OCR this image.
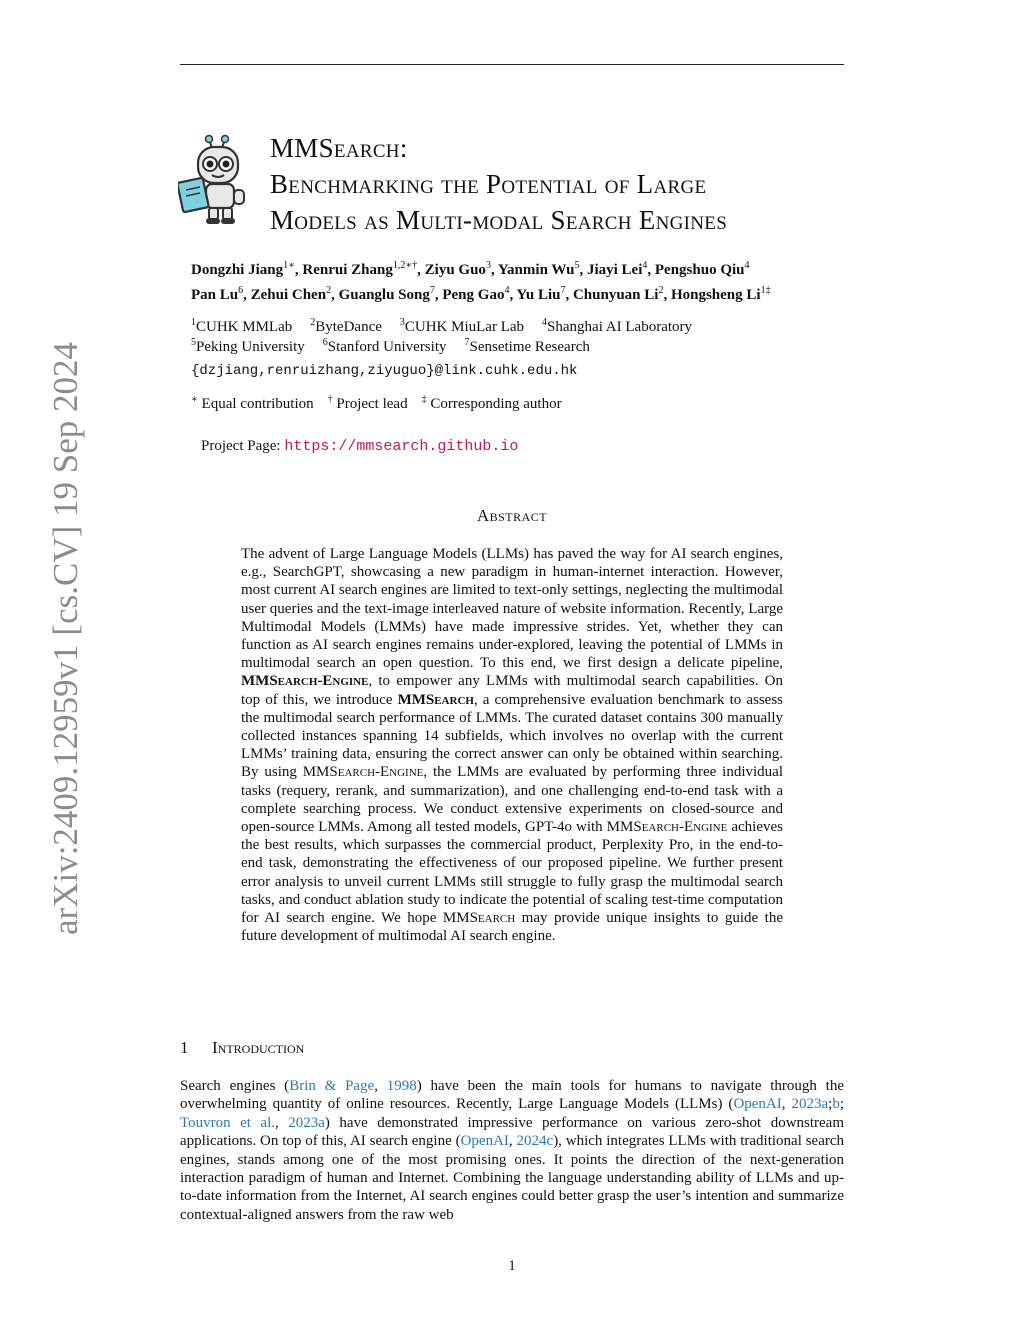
arXiv:2409.12959v1 [cs.CV] 19 Sep 2024
MMSearch:
Benchmarking the Potential of Large
Models as Multi-modal Search Engines
Dongzhi Jiang$^{1∗}$, Renrui Zhang$^{1,2∗\dagger}$, Ziyu Guo$^3$, Yanmin Wu$^5$, Jiayi Lei$^4$, Pengshuo Qiu$^4$
Pan Lu$^6$, Zehui Chen$^2$, Guanglu Song$^7$, Peng Gao$^4$, Yu Liu$^7$, Chunyuan Li$^2$, Hongsheng $Li^{1\ddagger}$
$^1$CUHK MMLab $^2$ByteDance $^3$CUHK MiuLar Lab $^4$Shanghai AI Laboratory
$^5$Peking University $^6$Stanford University $^7$Sensetime Research
{dzjiang,renruizhang,ziyuguo}@link.cuhk.edu.hk
∗ Equal contribution † Project lead ‡ Corresponding author
Project Page: https://mmsearch.github.io
Abstract
The advent of Large Language Models (LLMs) has paved the way for AI search engines, e.g., SearchGPT, showcasing a new paradigm in human-internet interaction. However, most current AI search engines are limited to text-only settings, neglecting the multimodal user queries and the text-image interleaved nature of website information. Recently, Large Multimodal Models (LMMs) have made impressive strides. Yet, whether they can function as AI search engines remains under-explored, leaving the potential of LMMs in multimodal search an open question. To this end, we first design a delicate pipeline, MMSearch-Engine, to empower any LMMs with multimodal search capabilities. On top of this, we introduce MMSearch, a comprehensive evaluation benchmark to assess the multimodal search performance of LMMs. The curated dataset contains 300 manually collected instances spanning 14 subfields, which involves no overlap with the current LMMs’ training data, ensuring the correct answer can only be obtained within searching. By using MMSearch-Engine, the LMMs are evaluated by performing three individual tasks (requery, rerank, and summarization), and one challenging end-to-end task with a complete searching process. We conduct extensive experiments on closed-source and open-source LMMs. Among all tested models, GPT-4o with MMSearch-Engine achieves the best results, which surpasses the commercial product, Perplexity Pro, in the end-to-end task, demonstrating the effectiveness of our proposed pipeline. We further present error analysis to unveil current LMMs still struggle to fully grasp the multimodal search tasks, and conduct ablation study to indicate the potential of scaling test-time computation for AI search engine. We hope MMSearch may provide unique insights to guide the future development of multimodal AI search engine.
1 Introduction
Search engines (Brin & Page, 1998) have been the main tools for humans to navigate through the overwhelming quantity of online resources. Recently, Large Language Models (LLMs) (OpenAI, 2023a;b; Touvron et al., 2023a) have demonstrated impressive performance on various zero-shot downstream applications. On top of this, AI search engine (OpenAI, 2024c), which integrates LLMs with traditional search engines, stands among one of the most promising ones. It points the direction of the next-generation interaction paradigm of human and Internet. Combining the language understanding ability of LLMs and up-to-date information from the Internet, AI search engines could better grasp the user’s intention and summarize contextual-aligned answers from the raw web
1
